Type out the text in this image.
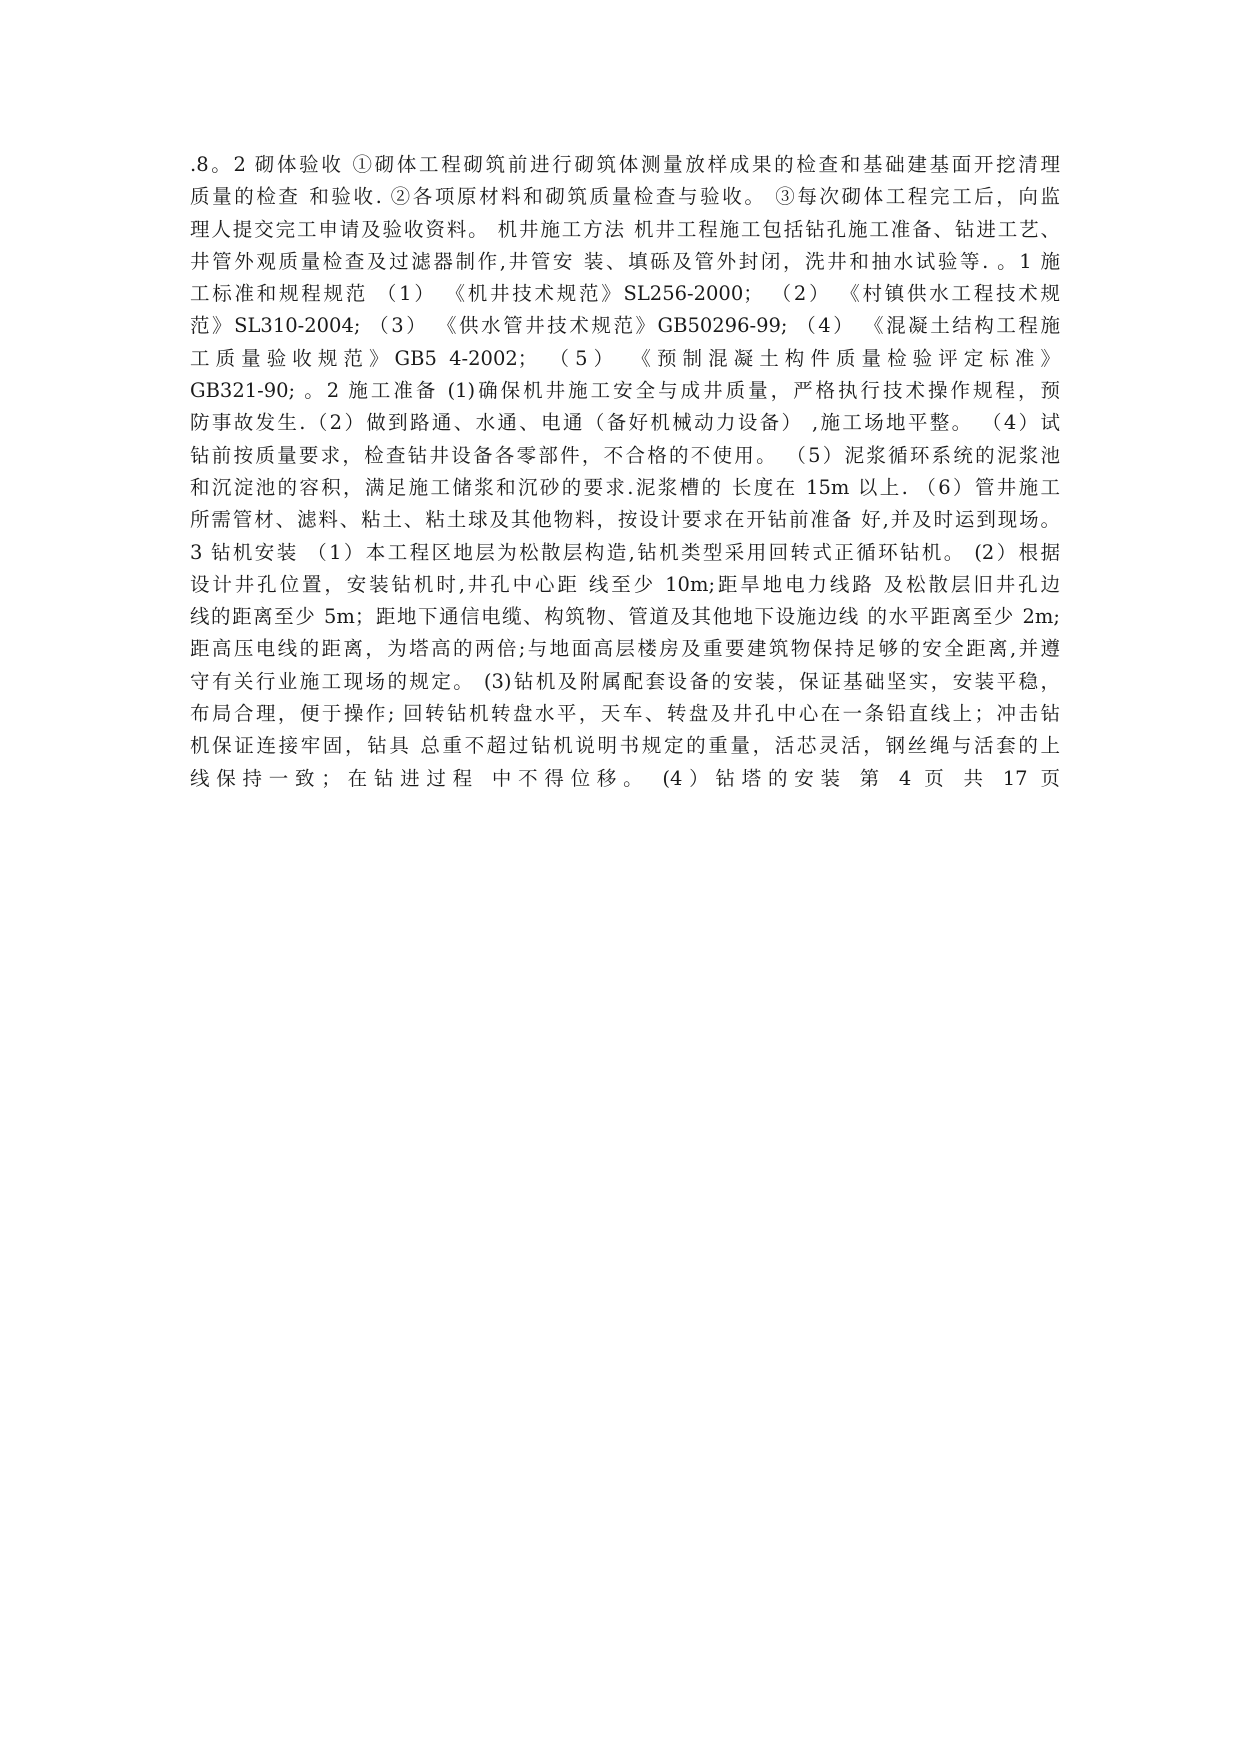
.8。2 砌体验收 ①砌体工程砌筑前进行砌筑体测量放样成果的检查和基础建基面开挖清理
质量的检查 和验收. ②各项原材料和砌筑质量检查与验收。 ③每次砌体工程完工后，向监
理人提交完工申请及验收资料。 机井施工方法 机井工程施工包括钻孔施工准备、钻进工艺、
井管外观质量检查及过滤器制作,井管安 装、填砾及管外封闭，洗井和抽水试验等. 。1 施
工标准和规程规范 （1） 《机井技术规范》SL256-2000； （2） 《村镇供水工程技术规
范》SL310-2004; （3） 《供水管井技术规范》GB50296-99; （4） 《混凝土结构工程施
工质量验收规范》GB5 4-2002； （5） 《预制混凝土构件质量检验评定标准》
GB321-90; 。2 施工准备 (1)确保机井施工安全与成井质量，严格执行技术操作规程，预
防事故发生.（2）做到路通、水通、电通（备好机械动力设备） ,施工场地平整。 （4）试
钻前按质量要求，检查钻井设备各零部件，不合格的不使用。 （5）泥浆循环系统的泥浆池
和沉淀池的容积，满足施工储浆和沉砂的要求.泥浆槽的 长度在 15m 以上. （6）管井施工
所需管材、滤料、粘土、粘土球及其他物料，按设计要求在开钻前准备 好,并及时运到现场。
3 钻机安装 （1）本工程区地层为松散层构造,钻机类型采用回转式正循环钻机。 (2）根据
设计井孔位置，安装钻机时,井孔中心距 线至少 10m;距旱地电力线路 及松散层旧井孔边
线的距离至少 5m；距地下通信电缆、构筑物、管道及其他地下设施边线 的水平距离至少 2m;
距高压电线的距离，为塔高的两倍;与地面高层楼房及重要建筑物保持足够的安全距离,并遵
守有关行业施工现场的规定。 (3)钻机及附属配套设备的安装，保证基础坚实，安装平稳，
布局合理，便于操作; 回转钻机转盘水平，天车、转盘及井孔中心在一条铅直线上；冲击钻
机保证连接牢固，钻具 总重不超过钻机说明书规定的重量，活芯灵活，钢丝绳与活套的上
线保持一致；在钻进过程 中不得位移。 (4）钻塔的安装 第 4 页 共 17 页
